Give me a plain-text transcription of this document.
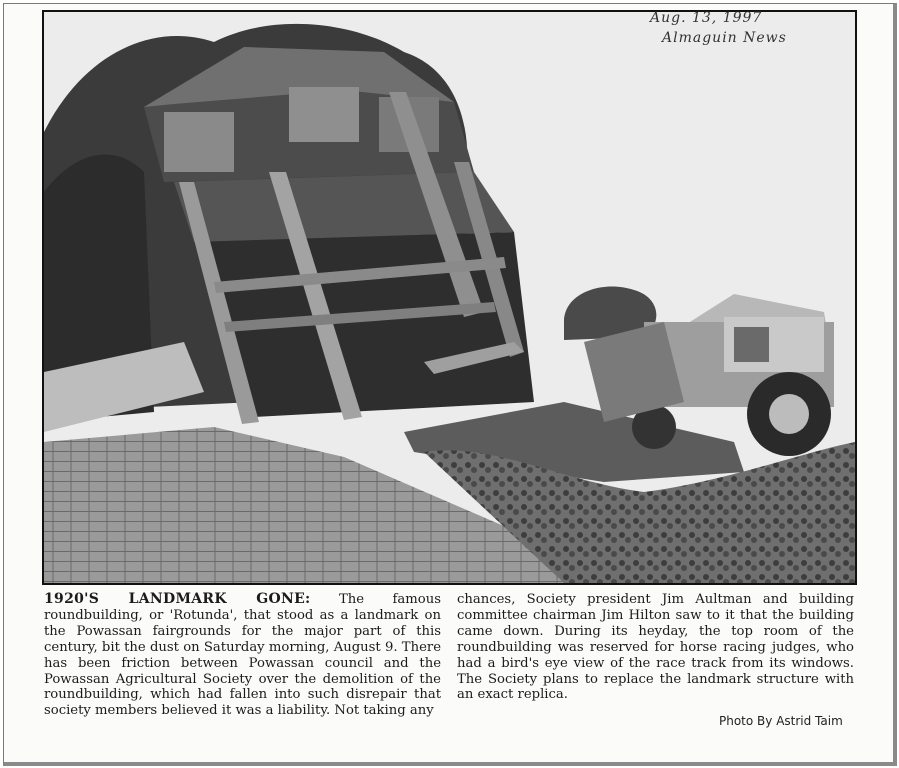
Aug. 13, 1997
Almaguin News

1920'S LANDMARK GONE: The famous roundbuilding, or 'Rotunda', that stood as a landmark on the Powassan fairgrounds for the major part of this century, bit the dust on Saturday morning, August 9. There has been friction between Powassan council and the Powassan Agricultural Society over the demolition of the roundbuilding, which had fallen into such disrepair that society members believed it was a liability. Not taking any

chances, Society president Jim Aultman and building committee chairman Jim Hilton saw to it that the building came down. During its heyday, the top room of the roundbuilding was reserved for horse racing judges, who had a bird's eye view of the race track from its windows. The Society plans to replace the landmark structure with an exact replica.

Photo By Astrid Taim
